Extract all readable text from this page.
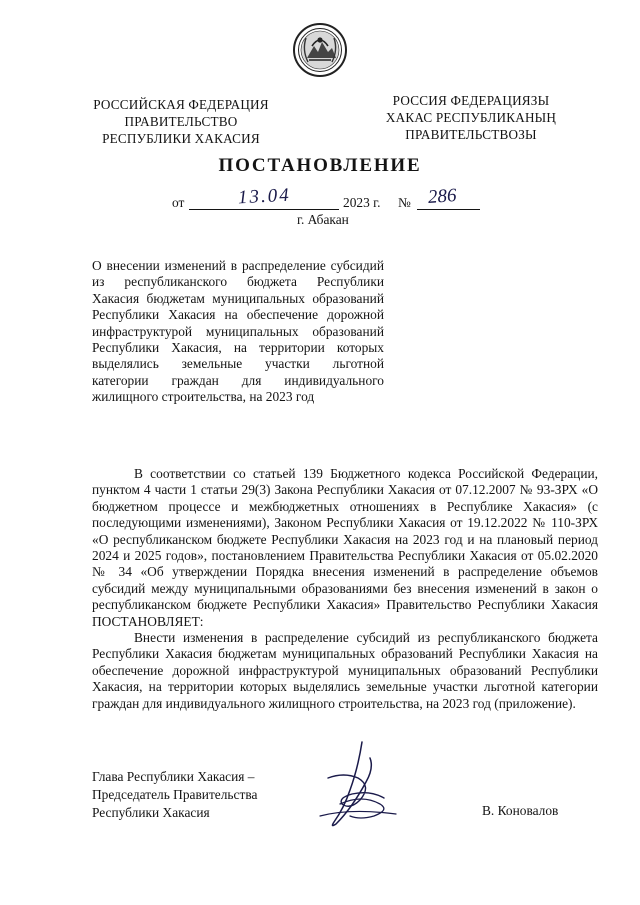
РОССИЙСКАЯ ФЕДЕРАЦИЯ
ПРАВИТЕЛЬСТВО
РЕСПУБЛИКИ ХАКАСИЯ
РОССИЯ ФЕДЕРАЦИЯЗЫ
ХАКАС РЕСПУБЛИКАНЫҢ
ПРАВИТЕЛЬСТВОЗЫ
ПОСТАНОВЛЕНИЕ
от	13.04	2023 г. № 286
г. Абакан
О внесении изменений в распределение субсидий из республиканского бюджета Республики Хакасия бюджетам муниципальных образований Республики Хакасия на обеспечение дорожной инфраструктурой муниципальных образований Республики Хакасия, на территории которых выделялись земельные участки льготной категории граждан для индивидуального жилищного строительства, на 2023 год

В соответствии со статьей 139 Бюджетного кодекса Российской Федерации, пунктом 4 части 1 статьи 29(3) Закона Республики Хакасия от 07.12.2007 № 93-ЗРХ «О бюджетном процессе и межбюджетных отношениях в Республике Хакасия» (с последующими изменениями), Законом Республики Хакасия от 19.12.2022 № 110-ЗРХ «О республиканском бюджете Республики Хакасия на 2023 год и на плановый период 2024 и 2025 годов», постановлением Правительства Республики Хакасия от 05.02.2020 № 34 «Об утверждении Порядка внесения изменений в распределение объемов субсидий между муниципальными образованиями без внесения изменений в закон о республиканском бюджете Республики Хакасия» Правительство Республики Хакасия ПОСТАНОВЛЯЕТ:

Внести изменения в распределение субсидий из республиканского бюджета Республики Хакасия бюджетам муниципальных образований Республики Хакасия на обеспечение дорожной инфраструктурой муниципальных образований Республики Хакасия, на территории которых выделялись земельные участки льготной категории граждан для индивидуального жилищного строительства, на 2023 год (приложение).

Глава Республики Хакасия –
Председатель Правительства
Республики Хакасия	В. Коновалов
